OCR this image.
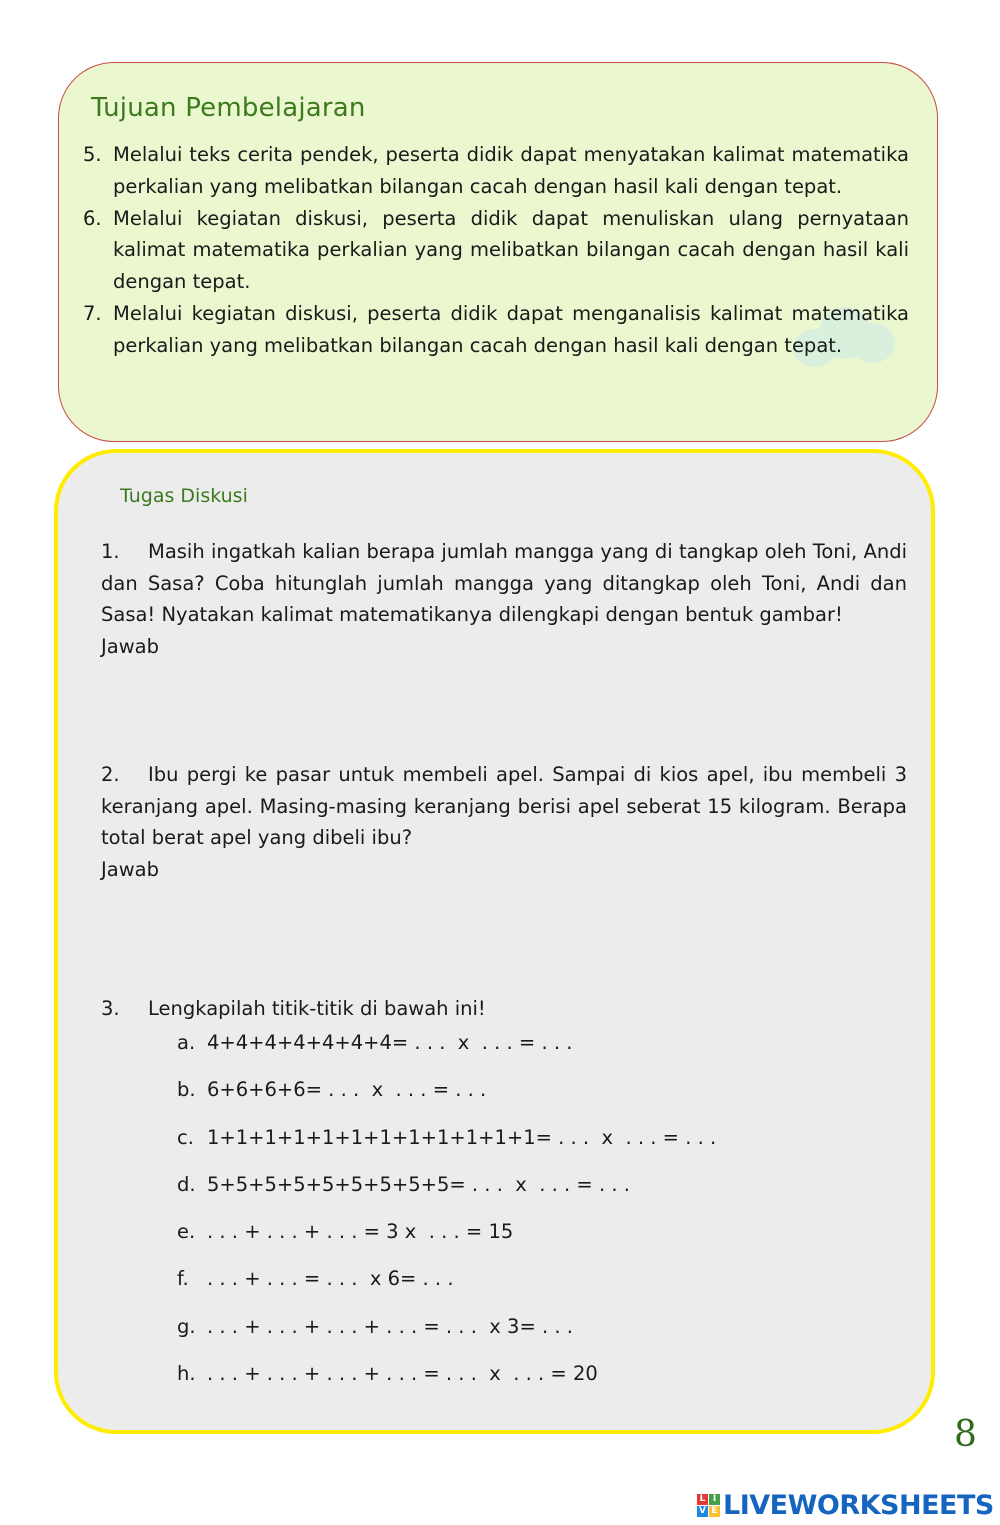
Tujuan Pembelajaran
5. Melalui teks cerita pendek, peserta didik dapat menyatakan kalimat matematika perkalian yang melibatkan bilangan cacah dengan hasil kali dengan tepat.
6. Melalui kegiatan diskusi, peserta didik dapat menuliskan ulang pernyataan kalimat matematika perkalian yang melibatkan bilangan cacah dengan hasil kali dengan tepat.
7. Melalui kegiatan diskusi, peserta didik dapat menganalisis kalimat matematika perkalian yang melibatkan bilangan cacah dengan hasil kali dengan tepat.
Tugas Diskusi
1. Masih ingatkah kalian berapa jumlah mangga yang di tangkap oleh Toni, Andi dan Sasa? Coba hitunglah jumlah mangga yang ditangkap oleh Toni, Andi dan Sasa! Nyatakan kalimat matematikanya dilengkapi dengan bentuk gambar!
Jawab
2. Ibu pergi ke pasar untuk membeli apel. Sampai di kios apel, ibu membeli 3 keranjang apel. Masing-masing keranjang berisi apel seberat 15 kilogram. Berapa total berat apel yang dibeli ibu?
Jawab
3. Lengkapilah titik-titik di bawah ini!
a. 4+4+4+4+4+4+4= . . .  x  . . . = . . .
b. 6+6+6+6= . . .  x  . . . = . . .
c. 1+1+1+1+1+1+1+1+1+1+1+1= . . .  x  . . . = . . .
d. 5+5+5+5+5+5+5+5+5= . . .  x  . . . = . . .
e. . . . + . . . + . . . = 3 x  . . . = 15
f. . . . + . . . = . . .  x 6= . . .
g. . . . + . . . + . . . + . . . = . . .  x 3= . . .
h. . . . + . . . + . . . + . . . = . . .  x  . . . = 20
8
L I
V E LIVEWORKSHEETS
